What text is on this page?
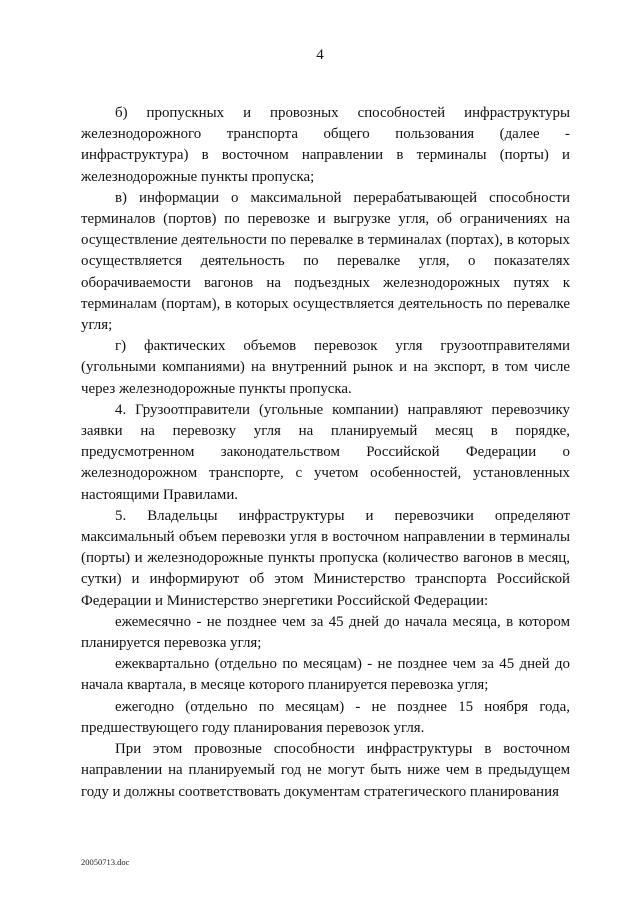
4

б) пропускных и провозных способностей инфраструктуры железнодорожного транспорта общего пользования (далее - инфраструктура) в восточном направлении в терминалы (порты) и железнодорожные пункты пропуска;

в) информации о максимальной перерабатывающей способности терминалов (портов) по перевозке и выгрузке угля, об ограничениях на осуществление деятельности по перевалке в терминалах (портах), в которых осуществляется деятельность по перевалке угля, о показателях оборачиваемости вагонов на подъездных железнодорожных путях к терминалам (портам), в которых осуществляется деятельность по перевалке угля;

г) фактических объемов перевозок угля грузоотправителями (угольными компаниями) на внутренний рынок и на экспорт, в том числе через железнодорожные пункты пропуска.

4. Грузоотправители (угольные компании) направляют перевозчику заявки на перевозку угля на планируемый месяц в порядке, предусмотренном законодательством Российской Федерации о железнодорожном транспорте, с учетом особенностей, установленных настоящими Правилами.

5. Владельцы инфраструктуры и перевозчики определяют максимальный объем перевозки угля в восточном направлении в терминалы (порты) и железнодорожные пункты пропуска (количество вагонов в месяц, сутки) и информируют об этом Министерство транспорта Российской Федерации и Министерство энергетики Российской Федерации:

ежемесячно - не позднее чем за 45 дней до начала месяца, в котором планируется перевозка угля;

ежеквартально (отдельно по месяцам) - не позднее чем за 45 дней до начала квартала, в месяце которого планируется перевозка угля;

ежегодно (отдельно по месяцам) - не позднее 15 ноября года, предшествующего году планирования перевозок угля.

При этом провозные способности инфраструктуры в восточном направлении на планируемый год не могут быть ниже чем в предыдущем году и должны соответствовать документам стратегического планирования

20050713.doc
